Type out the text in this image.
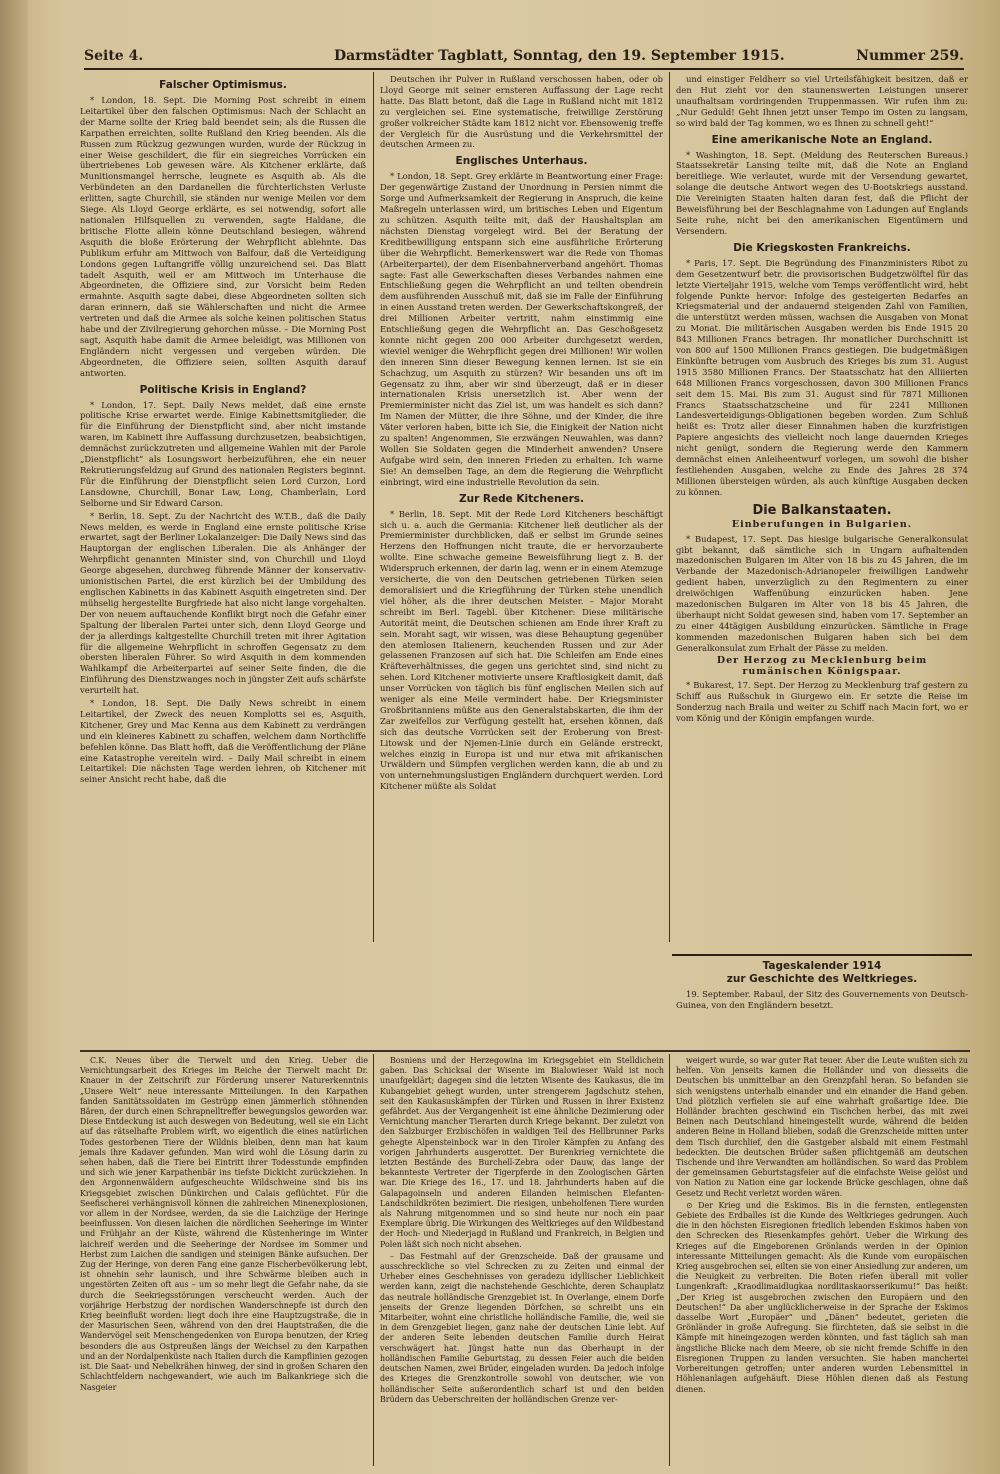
Seite 4.	Darmstädter Tagblatt, Sonntag, den 19. September 1915.	Nummer 259.
Falscher Optimismus.

* London, 18. Sept. Die Morning Post schreibt in einem Leitartikel über den falschen Optimismus: Nach der Schlacht an der Marne sollte der Krieg bald beendet sein; als die Russen die Karpathen erreichten, sollte Rußland den Krieg beenden. Als die Russen zum Rückzug gezwungen wurden, wurde der Rückzug in einer Weise geschildert, die für ein siegreiches Vorrücken ein übertriebenes Lob gewesen wäre. Als Kitchener erklärte, daß Munitionsmangel herrsche, leugnete es Asquith ab. Als die Verbündeten an den Dardanellen die fürchterlichsten Verluste erlitten, sagte Churchill, sie ständen nur wenige Meilen vor dem Siege. Als Lloyd George erklärte, es sei notwendig, sofort alle nationalen Hilfsquellen zu verwenden, sagte Haldane, die britische Flotte allein könne Deutschland besiegen, während Asquith die bloße Erörterung der Wehrpflicht ablehnte. Das Publikum erfuhr am Mittwoch von Balfour, daß die Verteidigung Londons gegen Luftangriffe völlig unzureichend sei. Das Blatt tadelt Asquith, weil er am Mittwoch im Unterhause die Abgeordneten, die Offiziere sind, zur Vorsicht beim Reden ermahnte. Asquith sagte dabei, diese Abgeordneten sollten sich daran erinnern, daß sie Wählerschaften und nicht die Armee vertreten und daß die Armee als solche keinen politischen Status habe und der Zivilregierung gehorchen müsse. – Die Morning Post sagt, Asquith habe damit die Armee beleidigt, was Millionen von Engländern nicht vergessen und vergeben würden. Die Abgeordneten, die Offiziere seien, sollten Asquith darauf antworten.

Politische Krisis in England?

* London, 17. Sept. Daily News meldet, daß eine ernste politische Krise erwartet werde. Einige Kabinettsmitglieder, die für die Einführung der Dienstpflicht sind, aber nicht imstande waren, im Kabinett ihre Auffassung durchzusetzen, beabsichtigen, demnächst zurückzutreten und allgemeine Wahlen mit der Parole „Dienstpflicht“ als Losungswort herbeizuführen, ehe ein neuer Rekrutierungsfeldzug auf Grund des nationalen Registers beginnt. Für die Einführung der Dienstpflicht seien Lord Curzon, Lord Lansdowne, Churchill, Bonar Law, Long, Chamberlain, Lord Selborne und Sir Edward Carson.

* Berlin, 18. Sept. Zu der Nachricht des W.T.B., daß die Daily News melden, es werde in England eine ernste politische Krise erwartet, sagt der Berliner Lokalanzeiger: Die Daily News sind das Hauptorgan der englischen Liberalen. Die als Anhänger der Wehrpflicht genannten Minister sind, von Churchill und Lloyd George abgesehen, durchweg führende Männer der konservativ-unionistischen Partei, die erst kürzlich bei der Umbildung des englischen Kabinetts in das Kabinett Asquith eingetreten sind. Der mühselig hergestellte Burgfriede hat also nicht lange vorgehalten. Der von neuem auftauchende Konflikt birgt noch die Gefahr einer Spaltung der liberalen Partei unter sich, denn Lloyd George und der ja allerdings kaltgestellte Churchill treten mit ihrer Agitation für die allgemeine Wehrpflicht in schroffen Gegensatz zu dem obersten liberalen Führer. So wird Asquith in dem kommenden Wahlkampf die Arbeiterpartei auf seiner Seite finden, die die Einführung des Dienstzwanges noch in jüngster Zeit aufs schärfste verurteilt hat.

* London, 18. Sept. Die Daily News schreibt in einem Leitartikel, der Zweck des neuen Komplotts sei es, Asquith, Kitchener, Grey und Mac Kenna aus dem Kabinett zu verdrängen und ein kleineres Kabinett zu schaffen, welchem dann Northcliffe befehlen könne. Das Blatt hofft, daß die Veröffentlichung der Pläne eine Katastrophe vereiteln wird. – Daily Mail schreibt in einem Leitartikel: Die nächsten Tage werden lehren, ob Kitchener mit seiner Ansicht recht habe, daß die

Deutschen ihr Pulver in Rußland verschossen haben, oder ob Lloyd George mit seiner ernsteren Auffassung der Lage recht hatte. Das Blatt betont, daß die Lage in Rußland nicht mit 1812 zu vergleichen sei. Eine systematische, freiwillige Zerstörung großer volkreicher Städte kam 1812 nicht vor. Ebensowenig treffe der Vergleich für die Ausrüstung und die Verkehrsmittel der deutschen Armeen zu.

Englisches Unterhaus.

* London, 18. Sept. Grey erklärte in Beantwortung einer Frage: Der gegenwärtige Zustand der Unordnung in Persien nimmt die Sorge und Aufmerksamkeit der Regierung in Anspruch, die keine Maßregeln unterlassen wird, um britisches Leben und Eigentum zu schützen. Asquith teilte mit, daß der Haushaltsplan am nächsten Dienstag vorgelegt wird. Bei der Beratung der Kreditbewilligung entspann sich eine ausführliche Erörterung über die Wehrpflicht. Bemerkenswert war die Rede von Thomas (Arbeiterpartei), der dem Eisenbahnerverband angehört. Thomas sagte: Fast alle Gewerkschaften dieses Verbandes nahmen eine Entschließung gegen die Wehrpflicht an und teilten obendrein dem ausführenden Ausschuß mit, daß sie im Falle der Einführung in einen Ausstand treten werden. Der Gewerkschaftskongreß, der drei Millionen Arbeiter vertritt, nahm einstimmig eine Entschließung gegen die Wehrpflicht an. Das Geschoßgesetz konnte nicht gegen 200 000 Arbeiter durchgesetzt werden, wieviel weniger die Wehrpflicht gegen drei Millionen! Wir wollen den inneren Sinn dieser Bewegung kennen lernen. Ist sie ein Schachzug, um Asquith zu stürzen? Wir besanden uns oft im Gegensatz zu ihm, aber wir sind überzeugt, daß er in dieser internationalen Krisis unersetzlich ist. Aber wenn der Premierminister nicht das Ziel ist, um was handelt es sich dann? Im Namen der Mütter, die ihre Söhne, und der Kinder, die ihre Väter verloren haben, bitte ich Sie, die Einigkeit der Nation nicht zu spalten! Angenommen, Sie erzwängen Neuwahlen, was dann? Wollen Sie Soldaten gegen die Minderheit anwenden? Unsere Aufgabe wird sein, den inneren Frieden zu erhalten. Ich warne Sie! An demselben Tage, an dem die Regierung die Wehrpflicht einbringt, wird eine industrielle Revolution da sein.

Zur Rede Kitcheners.

* Berlin, 18. Sept. Mit der Rede Lord Kitcheners beschäftigt sich u. a. auch die Germania: Kitchener ließ deutlicher als der Premierminister durchblicken, daß er selbst im Grunde seines Herzens den Hoffnungen nicht traute, die er hervorzauberte wollte. Eine schwache gemeine Beweisführung liegt z. B. der Widerspruch erkennen, der darin lag, wenn er in einem Atemzuge versicherte, die von den Deutschen getriebenen Türken seien demoralisiert und die Kriegführung der Türken stehe unendlich viel höher, als die ihrer deutschen Meister. – Major Moraht schreibt im Berl. Tagebl. über Kitchener: Diese militärische Autorität meint, die Deutschen schienen am Ende ihrer Kraft zu sein. Moraht sagt, wir wissen, was diese Behauptung gegenüber den atemlosen Italienern, keuchenden Russen und zur Ader gelassenen Franzosen auf sich hat. Die Schleifen am Ende eines Kräfteverhältnisses, die gegen uns gerichtet sind, sind nicht zu sehen. Lord Kitchener motivierte unsere Kraftlosigkeit damit, daß unser Vorrücken von täglich bis fünf englischen Meilen sich auf weniger als eine Meile vermindert habe. Der Kriegsminister Großbritanniens müßte aus den Generalstabskarten, die ihm der Zar zweifellos zur Verfügung gestellt hat, ersehen können, daß sich das deutsche Vorrücken seit der Eroberung von Brest-Litowsk und der Njemen-Linie durch ein Gelände erstreckt, welches einzig in Europa ist und nur etwa mit afrikanischen Urwäldern und Sümpfen verglichen werden kann, die ab und zu von unternehmungslustigen Engländern durchquert werden. Lord Kitchener müßte als Soldat

und einstiger Feldherr so viel Urteilsfähigkeit besitzen, daß er den Hut zieht vor den staunenswerten Leistungen unserer unaufhaltsam vordringenden Truppenmassen. Wir rufen ihm zu: „Nur Geduld! Geht Ihnen jetzt unser Tempo im Osten zu langsam, so wird bald der Tag kommen, wo es Ihnen zu schnell geht!“

Eine amerikanische Note an England.

* Washington, 18. Sept. (Meldung des Reuterschen Bureaus.) Staatssekretär Lansing teilte mit, daß die Note an England bereitliege. Wie verlautet, wurde mit der Versendung gewartet, solange die deutsche Antwort wegen des U-Bootskriegs ausstand. Die Vereinigten Staaten halten daran fest, daß die Pflicht der Beweisführung bei der Beschlagnahme von Ladungen auf Englands Seite ruhe, nicht bei den amerikanischen Eigentümern und Versendern.

Die Kriegskosten Frankreichs.

* Paris, 17. Sept. Die Begründung des Finanzministers Ribot zu dem Gesetzentwurf betr. die provisorischen Budgetzwölftel für das letzte Vierteljahr 1915, welche vom Temps veröffentlicht wird, hebt folgende Punkte hervor: Infolge des gesteigerten Bedarfes an Kriegsmaterial und der andauernd steigenden Zahl von Familien, die unterstützt werden müssen, wachsen die Ausgaben von Monat zu Monat. Die militärischen Ausgaben werden bis Ende 1915 20 843 Millionen Francs betragen. Ihr monatlicher Durchschnitt ist von 800 auf 1500 Millionen Francs gestiegen. Die budgetmäßigen Einkünfte betrugen vom Ausbruch des Krieges bis zum 31. August 1915 3580 Millionen Francs. Der Staatsschatz hat den Alliierten 648 Millionen Francs vorgeschossen, davon 300 Millionen Francs seit dem 15. Mai. Bis zum 31. August sind für 7871 Millionen Francs Staatsschatzscheine und für 2241 Millionen Landesverteidigungs-Obligationen begeben worden. Zum Schluß heißt es: Trotz aller dieser Einnahmen haben die kurzfristigen Papiere angesichts des vielleicht noch lange dauernden Krieges nicht genügt, sondern die Regierung werde den Kammern demnächst einen Anleiheentwurf vorlegen, um sowohl die bisher festliehenden Ausgaben, welche zu Ende des Jahres 28 374 Millionen übersteigen würden, als auch künftige Ausgaben decken zu können.

Die Balkanstaaten.
Einberufungen in Bulgarien.

* Budapest, 17. Sept. Das hiesige bulgarische Generalkonsulat gibt bekannt, daß sämtliche sich in Ungarn aufhaltenden mazedonischen Bulgaren im Alter von 18 bis zu 45 Jahren, die im Verbande der Mazedonisch-Adrianopeler freiwilligen Landwehr gedient haben, unverzüglich zu den Regimentern zu einer dreiwöchigen Waffenübung einzurücken haben. Jene mazedonischen Bulgaren im Alter von 18 bis 45 Jahren, die überhaupt nicht Soldat gewesen sind, haben vom 17. September an zu einer 44tägigen Ausbildung einzurücken. Sämtliche in Frage kommenden mazedonischen Bulgaren haben sich bei dem Generalkonsulat zum Erhalt der Pässe zu melden.

Der Herzog zu Mecklenburg beim rumänischen Königspaar.

* Bukarest, 17. Sept. Der Herzog zu Mecklenburg traf gestern zu Schiff aus Rußschuk in Giurgewo ein. Er setzte die Reise im Sonderzug nach Braila und weiter zu Schiff nach Macin fort, wo er vom König und der Königin empfangen wurde.

Tageskalender 1914
zur Geschichte des Weltkrieges.

19. September. Rabaul, der Sitz des Gouvernements von Deutsch-Guinea, von den Engländern besetzt.

C.K. Neues über die Tierwelt und den Krieg. Ueber die Vernichtungsarbeit des Krieges im Reiche der Tierwelt macht Dr. Knauer in der Zeitschrift zur Förderung unserer Naturerkenntnis „Unsere Welt“ neue interessante Mitteilungen. In den Karpathen fanden Sanitätssoldaten im Gestrüpp einen jämmerlich stöhnenden Bären, der durch einen Schrapnelltreffer bewegungslos geworden war. Diese Entdeckung ist auch deswegen von Bedeutung, weil sie ein Licht auf das rätselhafte Problem wirft, wo eigentlich die eines natürlichen Todes gestorbenen Tiere der Wildnis bleiben, denn man hat kaum jemals ihre Kadaver gefunden. Man wird wohl die Lösung darin zu sehen haben, daß die Tiere bei Eintritt ihrer Todesstunde empfinden und sich wie jener Karpathenbär ins tiefste Dickicht zurückziehen. In den Argonnenwäldern aufgescheuchte Wildschweine sind bis ins Kriegsgebiet zwischen Dünkirchen und Calais geflüchtet. Für die Seefischerei verhängnisvoll können die zahlreichen Minenexplosionen, vor allem in der Nordsee, werden, da sie die Laichzüge der Heringe beeinflussen. Von diesen laichen die nördlichen Seeheringe im Winter und Frühjahr an der Küste, während die Küstenheringe im Winter laichreif werden und die Seeheringe der Nordsee im Sommer und Herbst zum Laichen die sandigen und steinigen Bänke aufsuchen. Der Zug der Heringe, von deren Fang eine ganze Fischerbevölkerung lebt, ist ohnehin sehr launisch, und ihre Schwärme bleiben auch in ungestörten Zeiten oft aus – um so mehr liegt die Gefahr nahe, da sie durch die Seekriegsstörungen verscheucht werden. Auch der vorjährige Herbstzug der nordischen Wanderschnepfe ist durch den Krieg beeinflußt worden: liegt doch ihre eine Hauptzugstraße, die in der Masurischen Seen, während von den drei Hauptstraßen, die die Wandervögel seit Menschengedenken von Europa benutzen, der Krieg besonders die aus Ostpreußen längs der Weichsel zu den Karpathen und an der Nordalpenküste nach Italien durch die Kampflinien gezogen ist. Die Saat- und Nebelkrähen hinweg, der sind in großen Scharen den Schlachtfeldern nachgewandert, wie auch im Balkankriege sich die Nasgeier

Bosniens und der Herzegowina im Kriegsgebiet ein Stelldichein gaben. Das Schicksal der Wisente im Bialowieser Wald ist noch unaufgeklärt; dagegen sind die letzten Wisente des Kaukasus, die im Kubangebiet gehegt wurden, unter strengerem Jagdschutz stehen, seit den Kaukasuskämpfen der Türken und Russen in ihrer Existenz gefährdet. Aus der Vergangenheit ist eine ähnliche Dezimierung oder Vernichtung mancher Tierarten durch Kriege bekannt. Der zuletzt von den Salzburger Erzbischöfen in waldigen Teil des Hellbrunner Parks gehegte Alpensteinbock war in den Tiroler Kämpfen zu Anfang des vorigen Jahrhunderts ausgerottet. Der Burenkrieg vernichtete die letzten Bestände des Burchell-Zebra oder Dauw, das lange der bekannteste Vertreter der Tigerpferde in den Zoologischen Gärten war. Die Kriege des 16., 17. und 18. Jahrhunderts haben auf die Galapagoinseln und anderen Eilanden heimischen Elefanten-Landschildkröten bezimiert. Die riesigen, unbeholfenen Tiere wurden als Nahrung mitgenommen und so sind heute nur noch ein paar Exemplare übrig. Die Wirkungen des Weltkrieges auf den Wildbestand der Hoch- und Niederjagd in Rußland und Frankreich, in Belgien und Polen läßt sich noch nicht absehen.

– Das Festmahl auf der Grenzscheide. Daß der grausame und ausschreckliche so viel Schrecken zu zu Zeiten und einmal der Urheber eines Geschehnisses von geradezu idyllischer Lieblichkeit werden kann, zeigt die nachstehende Geschichte, deren Schauplatz das neutrale holländische Grenzgebiet ist. In Overlange, einem Dorfe jenseits der Grenze liegenden Dörfchen, so schreibt uns ein Mitarbeiter, wohnt eine christliche holländische Familie, die, weil sie in dem Grenzgebiet liegen, ganz nahe der deutschen Linie lebt. Auf der anderen Seite lebenden deutschen Familie durch Heirat verschwägert hat. Jüngst hatte nun das Oberhaupt in der holländischen Familie Geburtstag, zu dessen Feier auch die beiden deutschen Namen, zwei Brüder, eingeladen wurden. Da jedoch infolge des Krieges die Grenzkontrolle sowohl von deutscher, wie von holländischer Seite außerordentlich scharf ist und den beiden Brüdern das Ueberschreiten der holländischen Grenze ver-

weigert wurde, so war guter Rat teuer. Aber die Leute wußten sich zu helfen. Von jenseits kamen die Holländer und von diesseits die Deutschen bis unmittelbar an den Grenzpfahl heran. So befanden sie sich wenigstens unterhalb einander und ein einander die Hand geben. Und plötzlich verfielen sie auf eine wahrhaft großartige Idee. Die Holländer brachten geschwind ein Tischchen herbei, das mit zwei Beinen nach Deutschland hineingestellt wurde, während die beiden anderen Beine in Holland blieben, sodaß die Grenzscheide mitten unter dem Tisch durchlief, den die Gastgeber alsbald mit einem Festmahl bedeckten. Die deutschen Brüder saßen pflichtgemäß am deutschen Tischende und ihre Verwandten am holländischen. So ward das Problem der gemeinsamen Geburtstagsfeier auf die einfachste Weise gelöst und von Nation zu Nation eine gar lockende Brücke geschlagen, ohne daß Gesetz und Recht verletzt worden wären.

⊙ Der Krieg und die Eskimos. Bis in die fernsten, entlegensten Gebiete des Erdballes ist die Kunde des Weltkrieges gedrungen. Auch die in den höchsten Eisregionen friedlich lebenden Eskimos haben von den Schrecken des Riesenkampfes gehört. Ueber die Wirkung des Krieges auf die Eingeborenen Grönlands werden in der Opinion interessante Mitteilungen gemacht: Als die Kunde vom europäischen Krieg ausgebrochen sei, eilten sie von einer Ansiedlung zur anderen, um die Neuigkeit zu verbreiten. Die Boten riefen überall mit voller Lungenkraft: „Kraodlimaidlugkaa nordlitaskaorsserikumu!“ Das heißt: „Der Krieg ist ausgebrochen zwischen den Europäern und den Deutschen!“ Da aber unglücklicherweise in der Sprache der Eskimos dasselbe Wort „Europäer“ und „Dänen“ bedeutet, gerieten die Grönländer in große Aufregung. Sie fürchteten, daß sie selbst in die Kämpfe mit hineingezogen werden könnten, und fast täglich sah man ängstliche Blicke nach dem Meere, ob sie nicht fremde Schiffe in den Eisregionen Truppen zu landen versuchten. Sie haben manchertei Vorbereitungen getroffen; unter anderen wurden Lebensmittel in Höhlenanlagen aufgehäuft. Diese Höhlen dienen daß als Festung dienen.
